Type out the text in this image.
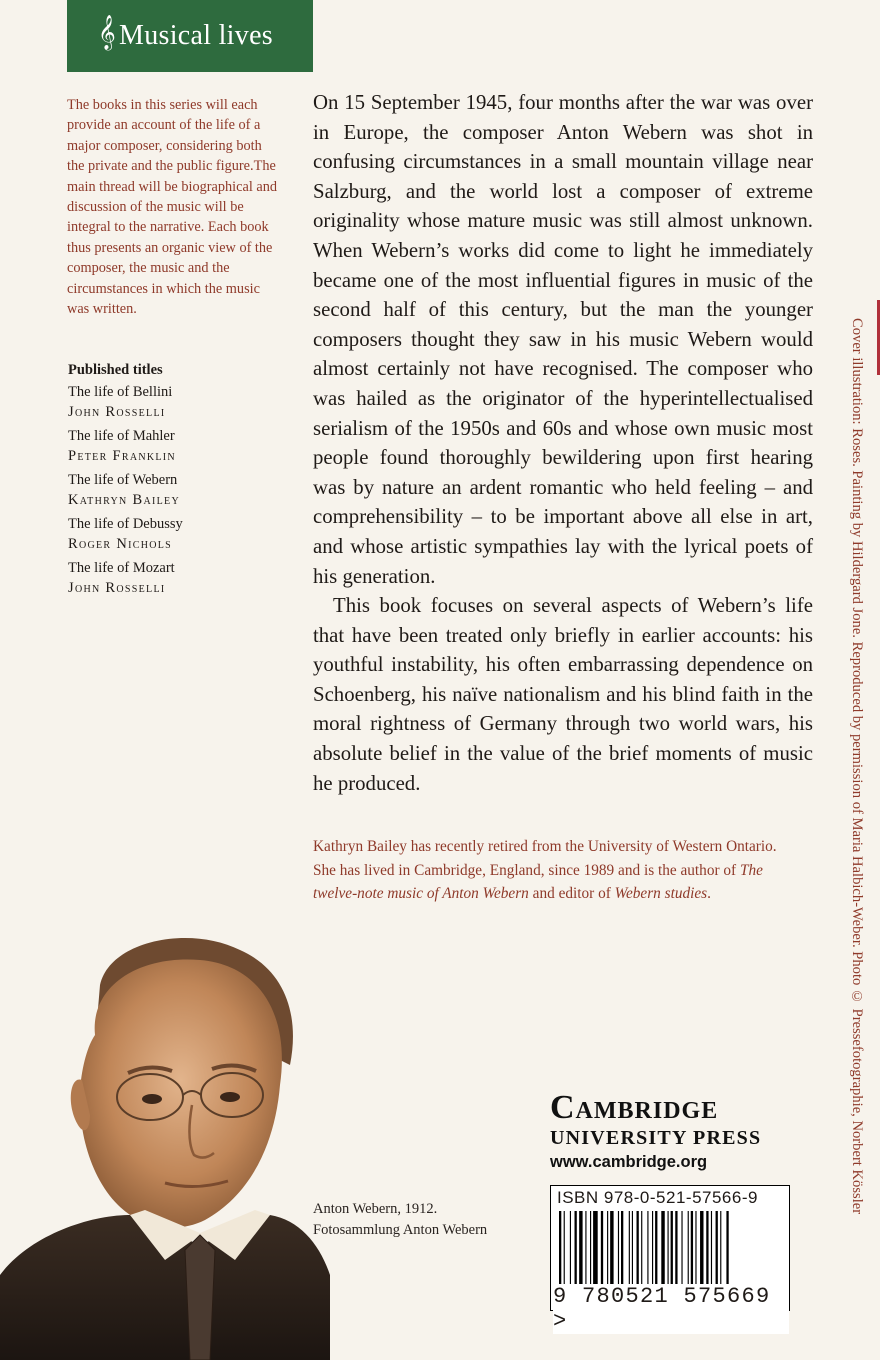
Musical lives
𝄞
The books in this series will each provide an account of the life of a major composer, considering both the private and the public figure.The main thread will be biographical and discussion of the music will be integral to the narrative. Each book thus presents an organic view of the composer, the music and the circumstances in which the music was written.
Published titles
The life of Bellini
John Rosselli
The life of Mahler
Peter Franklin
The life of Webern
Kathryn Bailey
The life of Debussy
Roger Nichols
The life of Mozart
John Rosselli

On 15 September 1945, four months after the war was over in Europe, the composer Anton Webern was shot in confusing circumstances in a small mountain village near Salzburg, and the world lost a composer of extreme originality whose mature music was still almost unknown. When Webern’s works did come to light he immediately became one of the most influential figures in music of the second half of this century, but the man the younger composers thought they saw in his music Webern would almost certainly not have recognised. The composer who was hailed as the originator of the hyperintellectualised serialism of the 1950s and 60s and whose own music most people found thoroughly bewildering upon first hearing was by nature an ardent romantic who held feeling – and comprehensibility – to be important above all else in art, and whose artistic sympathies lay with the lyrical poets of his generation.

This book focuses on several aspects of Webern’s life that have been treated only briefly in earlier accounts: his youthful instability, his often embarrassing dependence on Schoenberg, his naïve nationalism and his blind faith in the moral rightness of Germany through two world wars, his absolute belief in the value of the brief moments of music he produced.

Kathryn Bailey has recently retired from the University of Western Ontario. She has lived in Cambridge, England, since 1989 and is the author of The twelve-note music of Anton Webern and editor of Webern studies.	Cover illustration: Roses. Painting by Hildergard Jone. Reproduced by permission of Maria Halbich-Weber. Photo © Pressefotographie, Norbert Kössler
Anton Webern, 1912.
Fotosammlung Anton Webern
Cambridge
UNIVERSITY PRESS
www.cambridge.org
ISBN 978-0-521-57566-9
9 780521 575669 >
